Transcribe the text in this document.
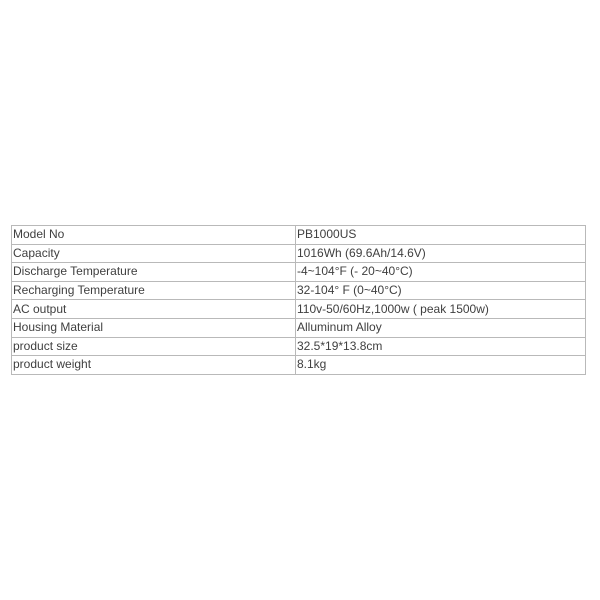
Model No	PB1000US
Capacity	1016Wh (69.6Ah/14.6V)
Discharge Temperature	-4~104°F (- 20~40°C)
Recharging Temperature	32-104° F (0~40°C)
AC output	110v-50/60Hz,1000w ( peak 1500w)
Housing Material	Alluminum Alloy
product size	32.5*19*13.8cm
product weight	8.1kg
